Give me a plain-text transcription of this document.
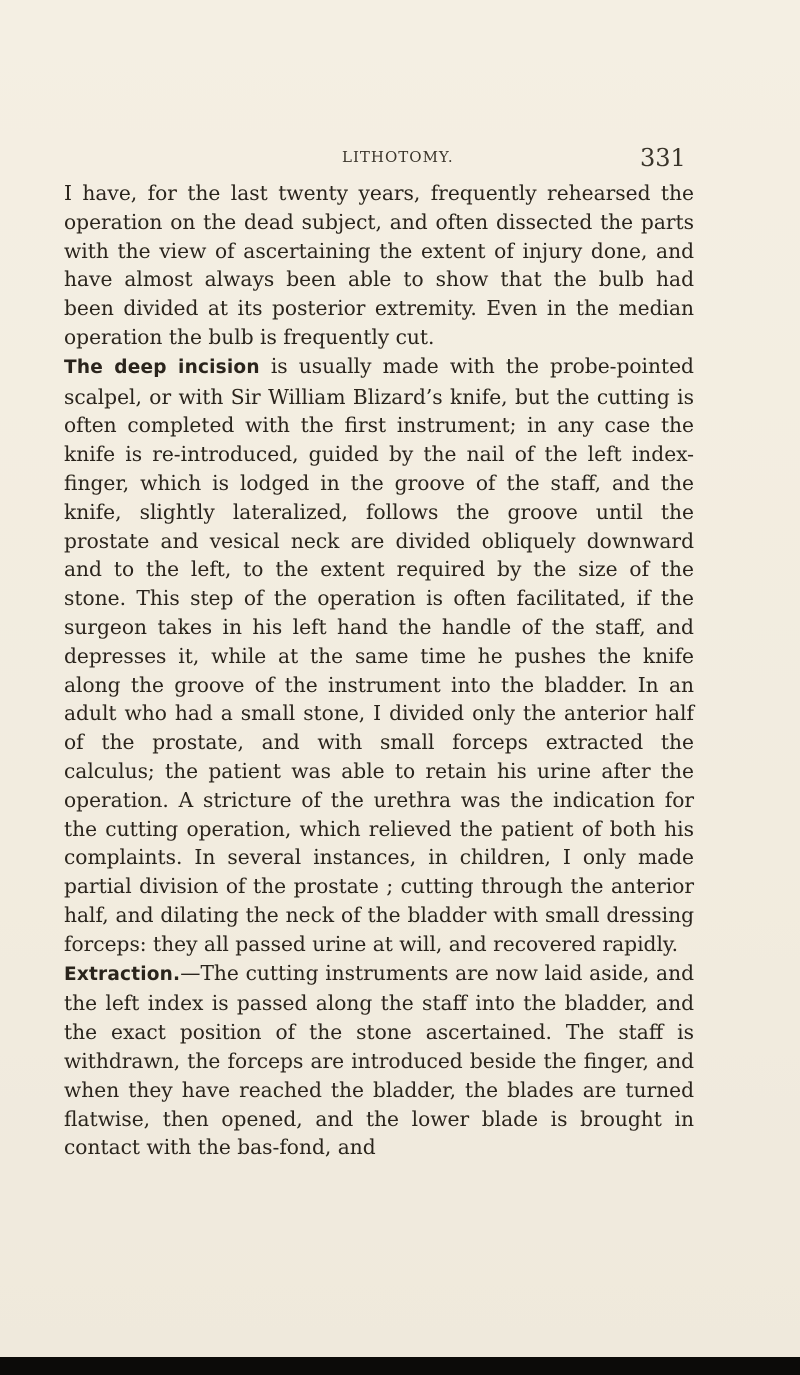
LITHOTOMY.	331

I have, for the last twenty years, frequently rehearsed the operation on the dead subject, and often dissected the parts with the view of ascertaining the extent of injury done, and have almost always been able to show that the bulb had been divided at its posterior extremity. Even in the median operation the bulb is frequently cut.

The deep incision is usually made with the probe-pointed scalpel, or with Sir William Blizard’s knife, but the cutting is often completed with the first instrument; in any case the knife is re-introduced, guided by the nail of the left index-finger, which is lodged in the groove of the staff, and the knife, slightly lateralized, follows the groove until the prostate and vesical neck are divided obliquely downward and to the left, to the extent required by the size of the stone. This step of the operation is often facilitated, if the surgeon takes in his left hand the handle of the staff, and depresses it, while at the same time he pushes the knife along the groove of the instrument into the bladder. In an adult who had a small stone, I divided only the anterior half of the prostate, and with small forceps extracted the calculus; the patient was able to retain his urine after the operation. A stricture of the urethra was the indication for the cutting operation, which relieved the patient of both his complaints. In several instances, in children, I only made partial division of the prostate ; cutting through the anterior half, and dilating the neck of the bladder with small dressing forceps: they all passed urine at will, and recovered rapidly.

Extraction.—The cutting instruments are now laid aside, and the left index is passed along the staff into the bladder, and the exact position of the stone ascertained. The staff is withdrawn, the forceps are introduced beside the finger, and when they have reached the bladder, the blades are turned flatwise, then opened, and the lower blade is brought in contact with the bas-fond, and
